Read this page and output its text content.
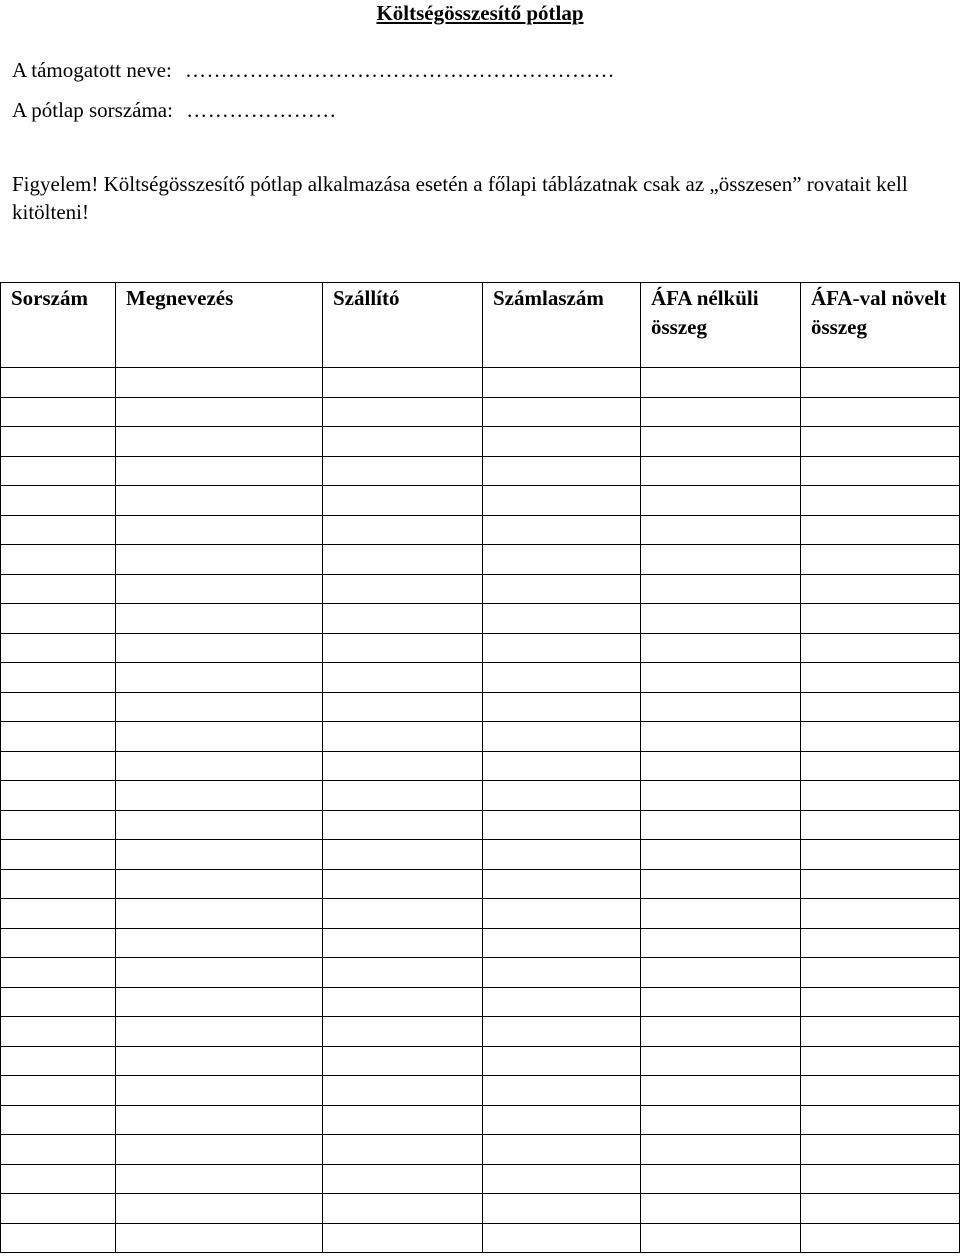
Költségösszesítő pótlap
A támogatott neve: ……………………………………………………
A pótlap sorszáma: …………………
Figyelem! Költségösszesítő pótlap alkalmazása esetén a főlapi táblázatnak csak az „összesen” rovatait kell kitölteni!
Sorszám	Megnevezés	Szállító	Számlaszám	ÁFA nélküli összeg	ÁFA-val növelt összeg
